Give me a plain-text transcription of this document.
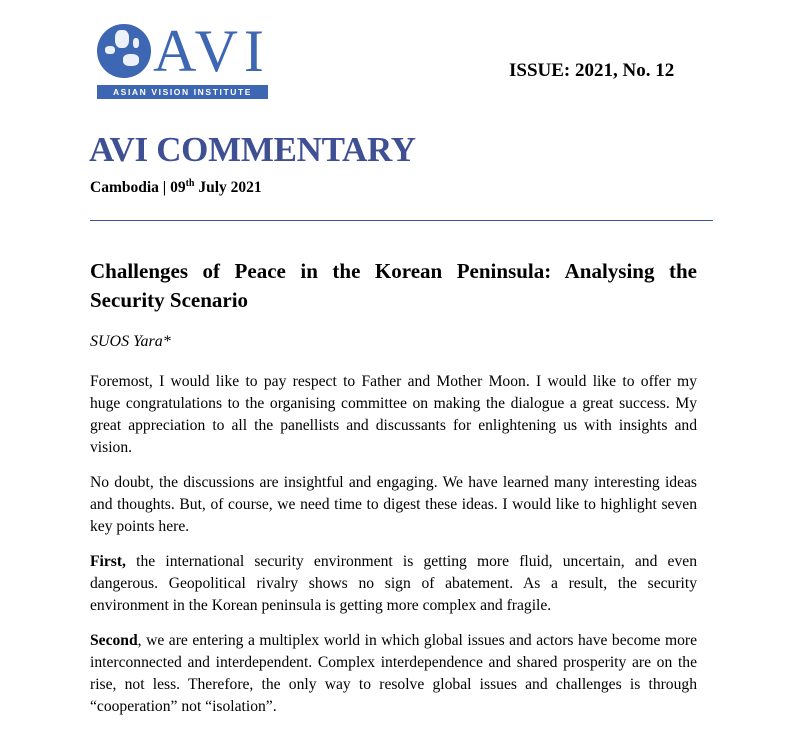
AVI
ASIAN VISION INSTITUTE
ISSUE: 2021, No. 12
AVI COMMENTARY
Cambodia | 09th July 2021
Challenges of Peace in the Korean Peninsula: Analysing the
Security Scenario
SUOS Yara*
Foremost, I would like to pay respect to Father and Mother Moon. I would like to offer my
huge congratulations to the organising committee on making the dialogue a great success. My
great appreciation to all the panellists and discussants for enlightening us with insights and
vision.
No doubt, the discussions are insightful and engaging. We have learned many interesting ideas
and thoughts. But, of course, we need time to digest these ideas. I would like to highlight seven
key points here.
First, the international security environment is getting more fluid, uncertain, and even
dangerous. Geopolitical rivalry shows no sign of abatement. As a result, the security
environment in the Korean peninsula is getting more complex and fragile.
Second, we are entering a multiplex world in which global issues and actors have become more
interconnected and interdependent. Complex interdependence and shared prosperity are on the
rise, not less. Therefore, the only way to resolve global issues and challenges is through
“cooperation” not “isolation”.
